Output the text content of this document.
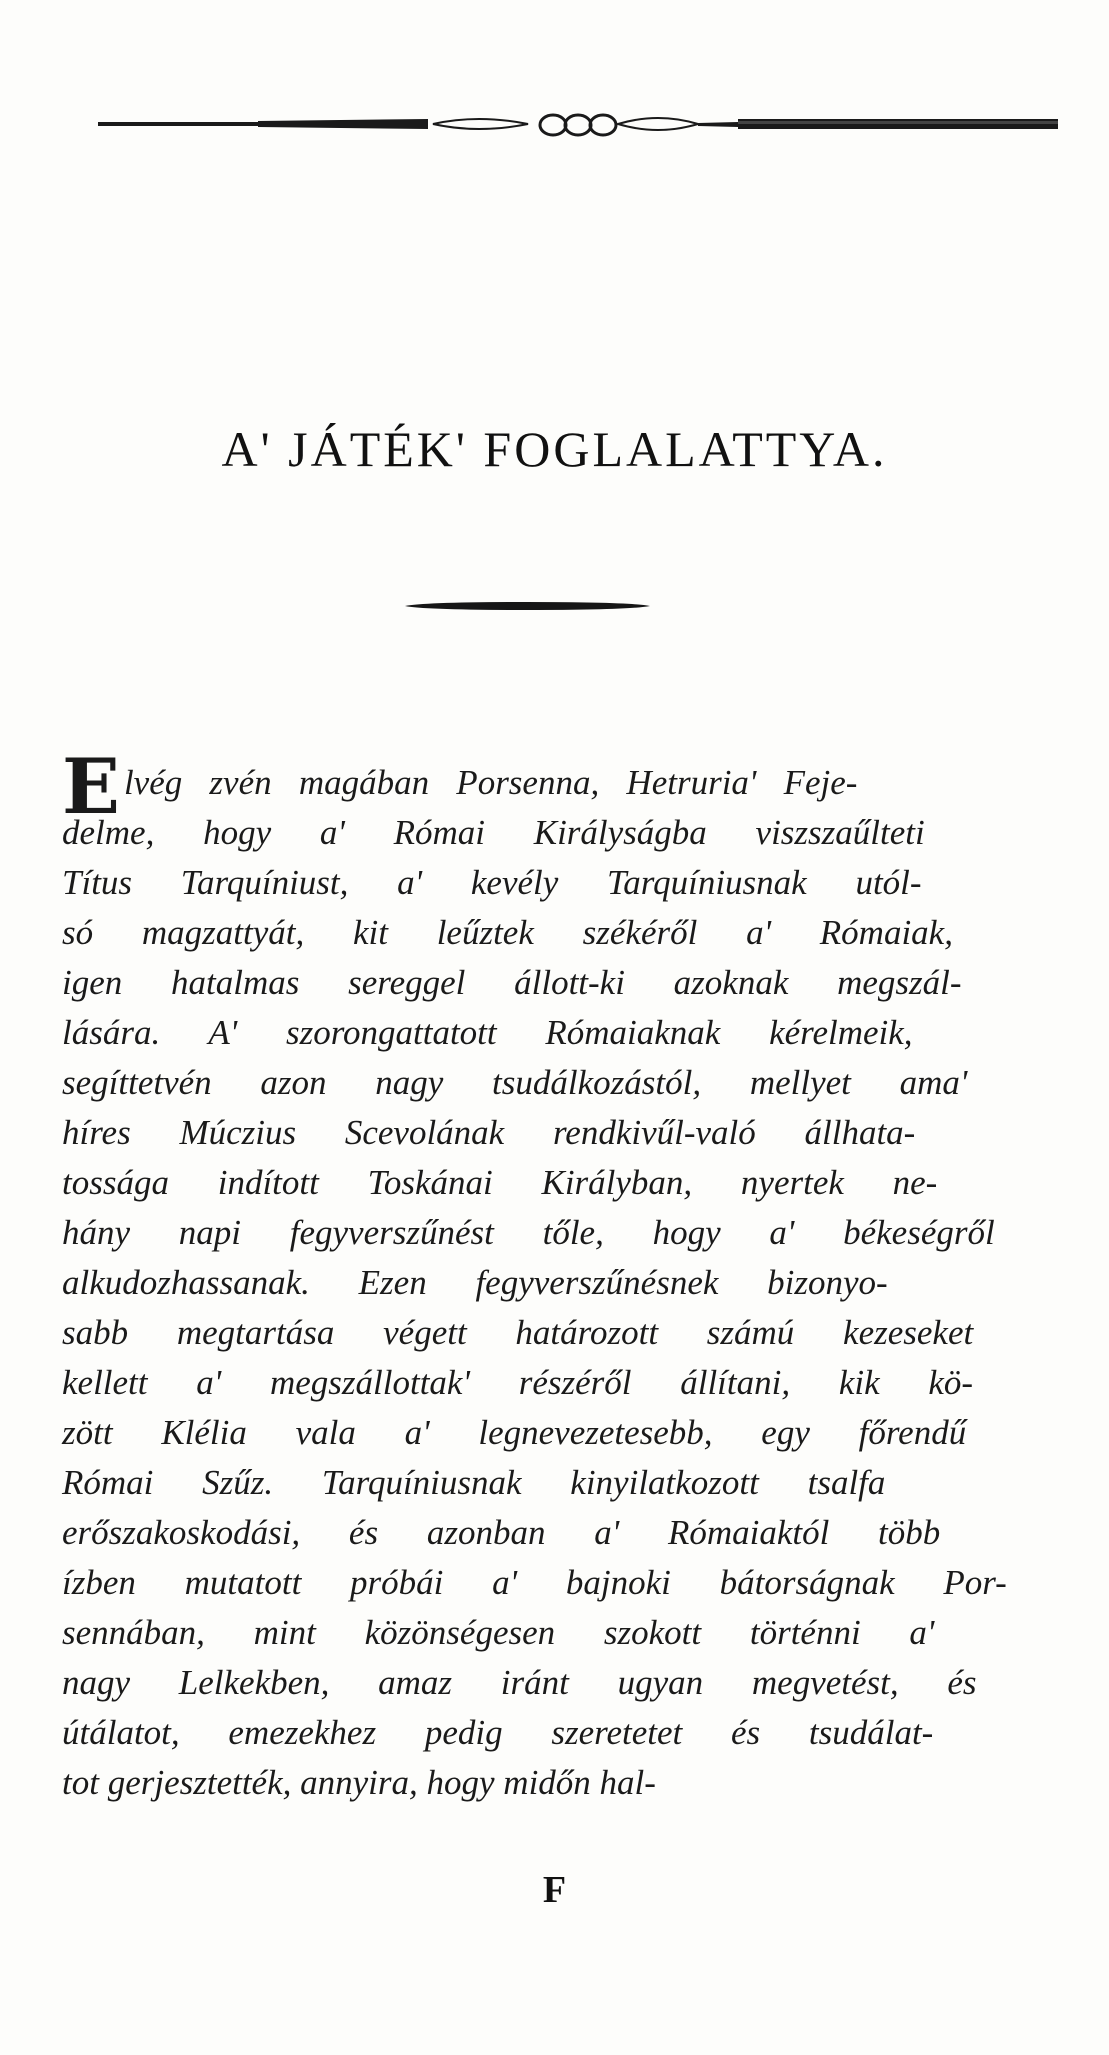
A' JÁTÉK' FOGLALATTYA.
Elvég zvén magában Porsenna, Hetruria' Feje-
delme, hogy a' Római Királyságba viszszaűlteti
Títus Tarquíniust, a' kevély Tarquíniusnak utól-
só magzattyát, kit leűztek székéről a' Rómaiak,
igen hatalmas sereggel állott-ki azoknak megszál-
lására. A' szorongattatott Rómaiaknak kérelmeik,
segíttetvén azon nagy tsudálkozástól, mellyet ama'
híres Múczius Scevolának rendkivűl-való állhata-
tossága indított Toskánai Királyban, nyertek ne-
hány napi fegyverszűnést tőle, hogy a' békeségről
alkudozhassanak. Ezen fegyverszűnésnek bizonyo-
sabb megtartása végett határozott számú kezeseket
kellett a' megszállottak' részéről állítani, kik kö-
zött Klélia vala a' legnevezetesebb, egy főrendű
Római Szűz. Tarquíniusnak kinyilatkozott tsalfa
erőszakoskodási, és azonban a' Rómaiaktól több
ízben mutatott próbái a' bajnoki bátorságnak Por-
sennában, mint közönségesen szokott történni a'
nagy Lelkekben, amaz iránt ugyan megvetést, és
útálatot, emezekhez pedig szeretetet és tsudálat-
tot gerjesztették, annyira, hogy midőn hal-
F
